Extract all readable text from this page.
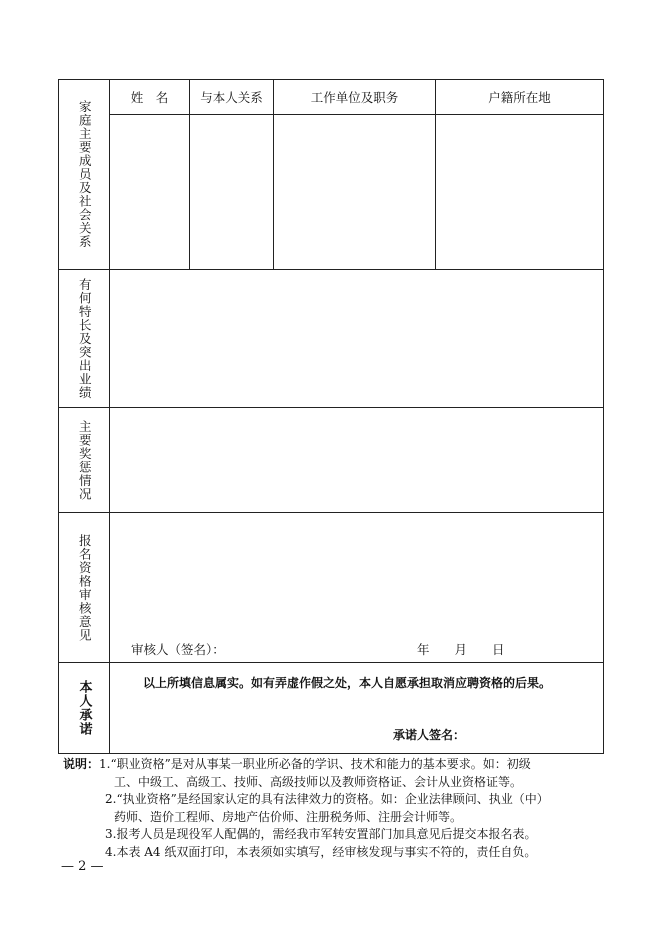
家庭主要成员及社会关系
姓　名	与本人关系	工作单位及职务	户籍所在地
有何特长及突出业绩
主要奖惩情况
报名资格审核意见
审核人（签名）：	年　　月　　日
本人承诺	以上所填信息属实。如有弄虚作假之处，本人自愿承担取消应聘资格的后果。
承诺人签名：
说明：1.“职业资格”是对从事某一职业所必备的学识、技术和能力的基本要求。如：初级
工、中级工、高级工、技师、高级技师以及教师资格证、会计从业资格证等。
2.“执业资格”是经国家认定的具有法律效力的资格。如：企业法律顾问、执业（中）
药师、造价工程师、房地产估价师、注册税务师、注册会计师等。
3.报考人员是现役军人配偶的，需经我市军转安置部门加具意见后提交本报名表。
4.本表 A4 纸双面打印，本表须如实填写，经审核发现与事实不符的，责任自负。
— 2 —
